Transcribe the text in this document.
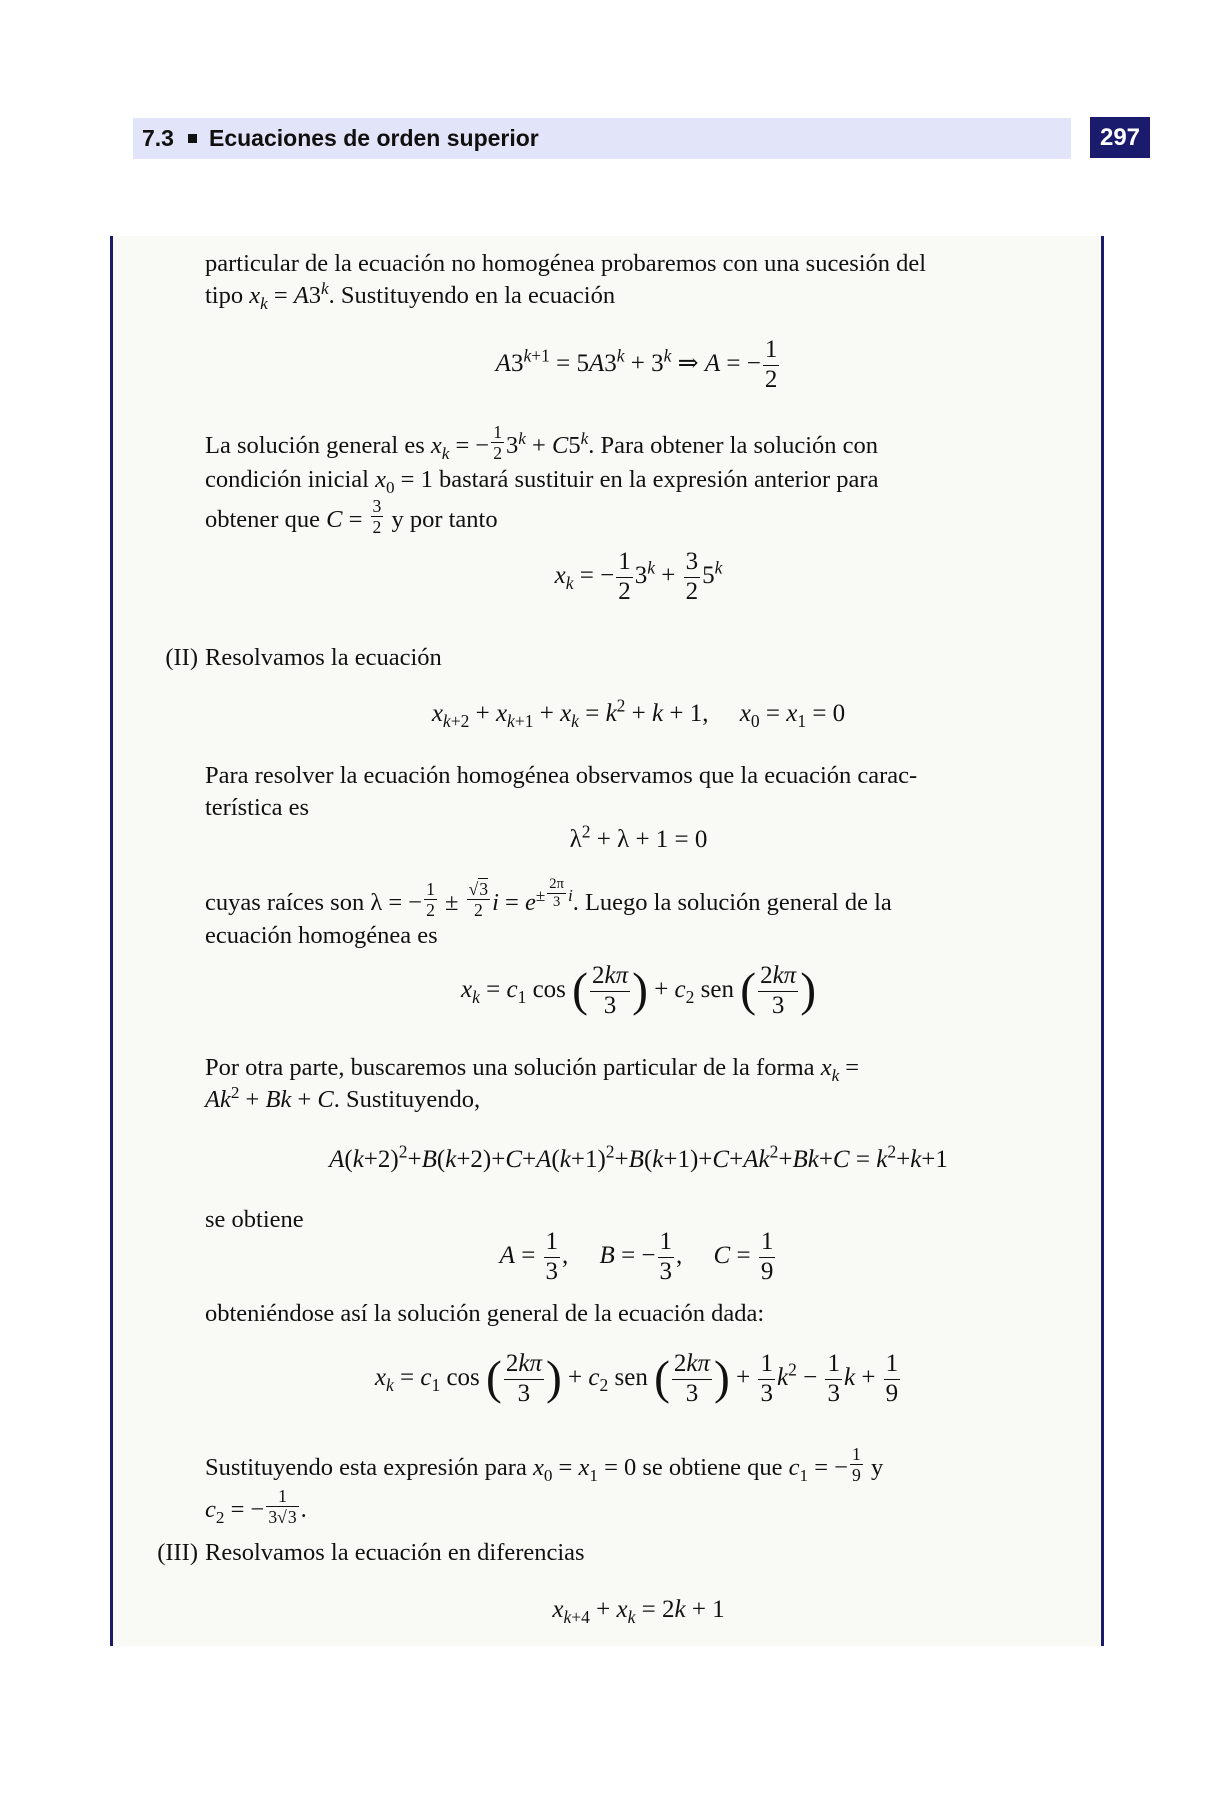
7.3 Ecuaciones de orden superior	297
particular de la ecuación no homogénea probaremos con una sucesión del
tipo $x_k = A3^k$. Sustituyendo en la ecuación
$A3^{k+1} = 5A3^k + 3^k$ ⇒ A = − $\frac{1}{2}$
La solución general es $x_k$ = − $\frac{1}{2} 3^k + C5^k$. Para obtener la solución con
condición inicial $x_0 = 1$ bastará sustituir en la expresión anterior para
obtener que $C = \frac{3}{2}$ y por tanto
$x_k$ = − $\frac{1}{2} 3^k + \frac{3}{2} 5^k$
(II) Resolvamos la ecuación
$x_{k+2} + x_{k+1} + x_k = k^2 + k + 1$,     $x_0 = x_1 = 0$
Para resolver la ecuación homogénea observamos que la ecuación carac-
terística es
$\lambda^2 + \lambda + 1 = 0$
cuyas raíces son λ = − $\frac{1}{2} \pm \frac{√3}{2}$ $i = e^{\pm \frac{2\pi}{3} i}$. Luego la solución general de la
ecuación homogénea es
$x_k = c_1$ cos ( $\frac{2k\pi}{3}$ ) + $c_2$ sen ( $\frac{2k\pi}{3}$ )
Por otra parte, buscaremos una solución particular de la forma $x_k$ =
$Ak^2 + Bk + C$. Sustituyendo,
$A(k+2)^2+B(k+2)+C+A(k+1)^2+B(k+1)+C+Ak^2+Bk+C = k^2+k+1$
se obtiene
$A = \frac{1}{3}$ ,     B = − $\frac{1}{3}$ ,     $C = \frac{1}{9}$
obteniéndose así la solución general de la ecuación dada:
$x_k = c_1$ cos ( $\frac{2k\pi}{3}$ ) + $c_2$ sen ( $\frac{2k\pi}{3}$ ) + $\frac{1}{3} k^2 - \frac{1}{3}$ $k + \frac{1}{9}$
Sustituyendo esta expresión para $x_0 = x_1 = 0$ se obtiene que $c_1$ = − $\frac{1}{9}$ y
$c_2$ = − $\frac{1}{3√3}$ .
(III) Resolvamos la ecuación en diferencias
$x_{k+4} + x_k = 2k + 1$
